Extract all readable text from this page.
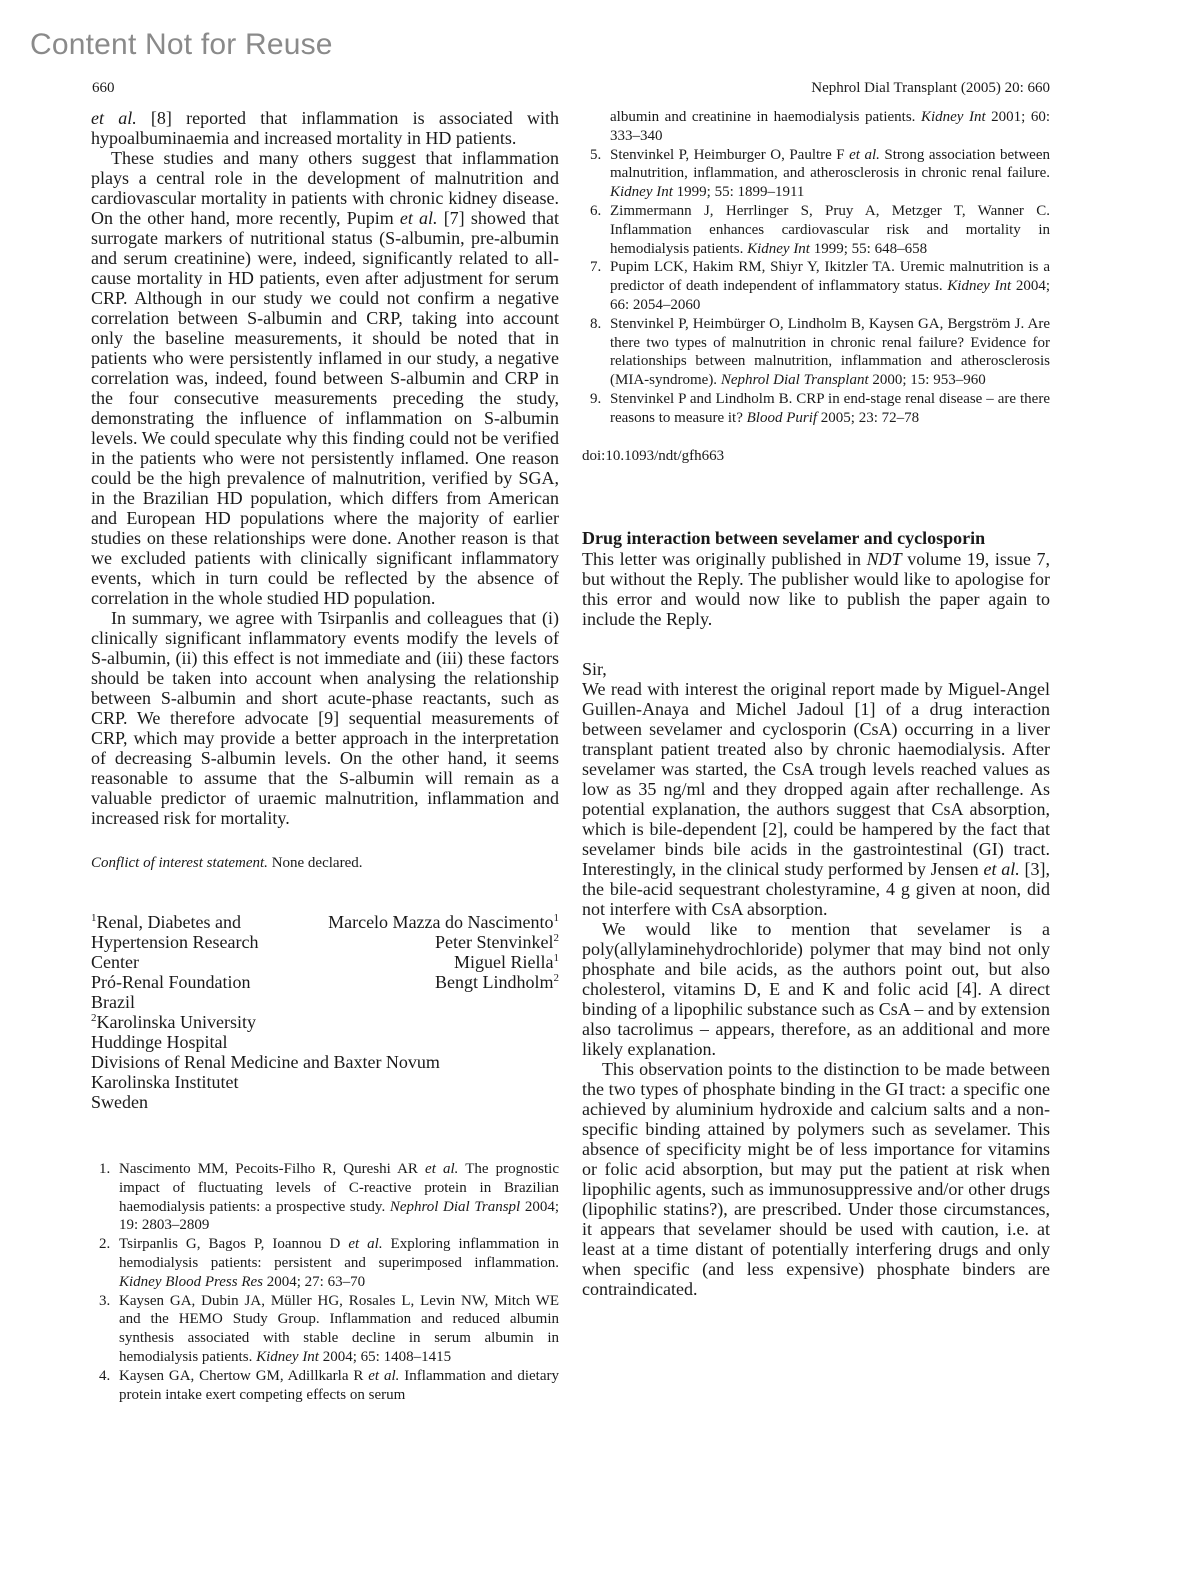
Content Not for Reuse
660	Nephrol Dial Transplant (2005) 20: 660

et al. [8] reported that inflammation is associated with hypoalbuminaemia and increased mortality in HD patients.

These studies and many others suggest that inflammation plays a central role in the development of malnutrition and cardiovascular mortality in patients with chronic kidney disease. On the other hand, more recently, Pupim et al. [7] showed that surrogate markers of nutritional status (S-albumin, pre-albumin and serum creatinine) were, indeed, significantly related to all-cause mortality in HD patients, even after adjustment for serum CRP. Although in our study we could not confirm a negative correlation between S-albumin and CRP, taking into account only the baseline measurements, it should be noted that in patients who were persistently inflamed in our study, a negative correlation was, indeed, found between S-albumin and CRP in the four consecutive measurements preceding the study, demonstrating the influence of inflammation on S-albumin levels. We could speculate why this finding could not be verified in the patients who were not persistently inflamed. One reason could be the high prevalence of malnutrition, verified by SGA, in the Brazilian HD population, which differs from American and European HD populations where the majority of earlier studies on these relationships were done. Another reason is that we excluded patients with clinically significant inflammatory events, which in turn could be reflected by the absence of correlation in the whole studied HD population.

In summary, we agree with Tsirpanlis and colleagues that (i) clinically significant inflammatory events modify the levels of S-albumin, (ii) this effect is not immediate and (iii) these factors should be taken into account when analysing the relationship between S-albumin and short acute-phase reactants, such as CRP. We therefore advocate [9] sequential measurements of CRP, which may provide a better approach in the interpretation of decreasing S-albumin levels. On the other hand, it seems reasonable to assume that the S-albumin will remain as a valuable predictor of uraemic malnutrition, inflammation and increased risk for mortality.

Conflict of interest statement. None declared.
$^1$Renal, Diabetes and
Hypertension Research
Center
Pró-Renal Foundation
Brazil
$^2$Karolinska University
Huddinge Hospital
Divisions of Renal Medicine and Baxter Novum
Karolinska Institutet
Sweden
Marcelo Mazza do Nascimento$^1$
Peter Stenvinkel$^2$
Miguel Riella$^1$
Bengt Lindholm$^2$
1. Nascimento MM, Pecoits-Filho R, Qureshi AR et al. The prognostic impact of fluctuating levels of C-reactive protein in Brazilian haemodialysis patients: a prospective study. Nephrol Dial Transpl 2004; 19: 2803–2809
2. Tsirpanlis G, Bagos P, Ioannou D et al. Exploring inflammation in hemodialysis patients: persistent and superimposed inflammation. Kidney Blood Press Res 2004; 27: 63–70
3. Kaysen GA, Dubin JA, Müller HG, Rosales L, Levin NW, Mitch WE and the HEMO Study Group. Inflammation and reduced albumin synthesis associated with stable decline in serum albumin in hemodialysis patients. Kidney Int 2004; 65: 1408–1415
4. Kaysen GA, Chertow GM, Adillkarla R et al. Inflammation and dietary protein intake exert competing effects on serum
albumin and creatinine in haemodialysis patients. Kidney Int 2001; 60: 333–340
5. Stenvinkel P, Heimburger O, Paultre F et al. Strong association between malnutrition, inflammation, and atherosclerosis in chronic renal failure. Kidney Int 1999; 55: 1899–1911
6. Zimmermann J, Herrlinger S, Pruy A, Metzger T, Wanner C. Inflammation enhances cardiovascular risk and mortality in hemodialysis patients. Kidney Int 1999; 55: 648–658
7. Pupim LCK, Hakim RM, Shiyr Y, Ikitzler TA. Uremic malnutrition is a predictor of death independent of inflammatory status. Kidney Int 2004; 66: 2054–2060
8. Stenvinkel P, Heimbürger O, Lindholm B, Kaysen GA, Bergström J. Are there two types of malnutrition in chronic renal failure? Evidence for relationships between malnutrition, inflammation and atherosclerosis (MIA-syndrome). Nephrol Dial Transplant 2000; 15: 953–960
9. Stenvinkel P and Lindholm B. CRP in end-stage renal disease – are there reasons to measure it? Blood Purif 2005; 23: 72–78
doi:10.1093/ndt/gfh663
Drug interaction between sevelamer and cyclosporin

This letter was originally published in NDT volume 19, issue 7, but without the Reply. The publisher would like to apologise for this error and would now like to publish the paper again to include the Reply.

Sir,

We read with interest the original report made by Miguel-Angel Guillen-Anaya and Michel Jadoul [1] of a drug interaction between sevelamer and cyclosporin (CsA) occurring in a liver transplant patient treated also by chronic haemodialysis. After sevelamer was started, the CsA trough levels reached values as low as 35 ng/ml and they dropped again after rechallenge. As potential explanation, the authors suggest that CsA absorption, which is bile-dependent [2], could be hampered by the fact that sevelamer binds bile acids in the gastrointestinal (GI) tract. Interestingly, in the clinical study performed by Jensen et al. [3], the bile-acid sequestrant cholestyramine, 4 g given at noon, did not interfere with CsA absorption.

We would like to mention that sevelamer is a poly(allylaminehydrochloride) polymer that may bind not only phosphate and bile acids, as the authors point out, but also cholesterol, vitamins D, E and K and folic acid [4]. A direct binding of a lipophilic substance such as CsA – and by extension also tacrolimus – appears, therefore, as an additional and more likely explanation.

This observation points to the distinction to be made between the two types of phosphate binding in the GI tract: a specific one achieved by aluminium hydroxide and calcium salts and a non-specific binding attained by polymers such as sevelamer. This absence of specificity might be of less importance for vitamins or folic acid absorption, but may put the patient at risk when lipophilic agents, such as immunosuppressive and/or other drugs (lipophilic statins?), are prescribed. Under those circumstances, it appears that sevelamer should be used with caution, i.e. at least at a time distant of potentially interfering drugs and only when specific (and less expensive) phosphate binders are contraindicated.
